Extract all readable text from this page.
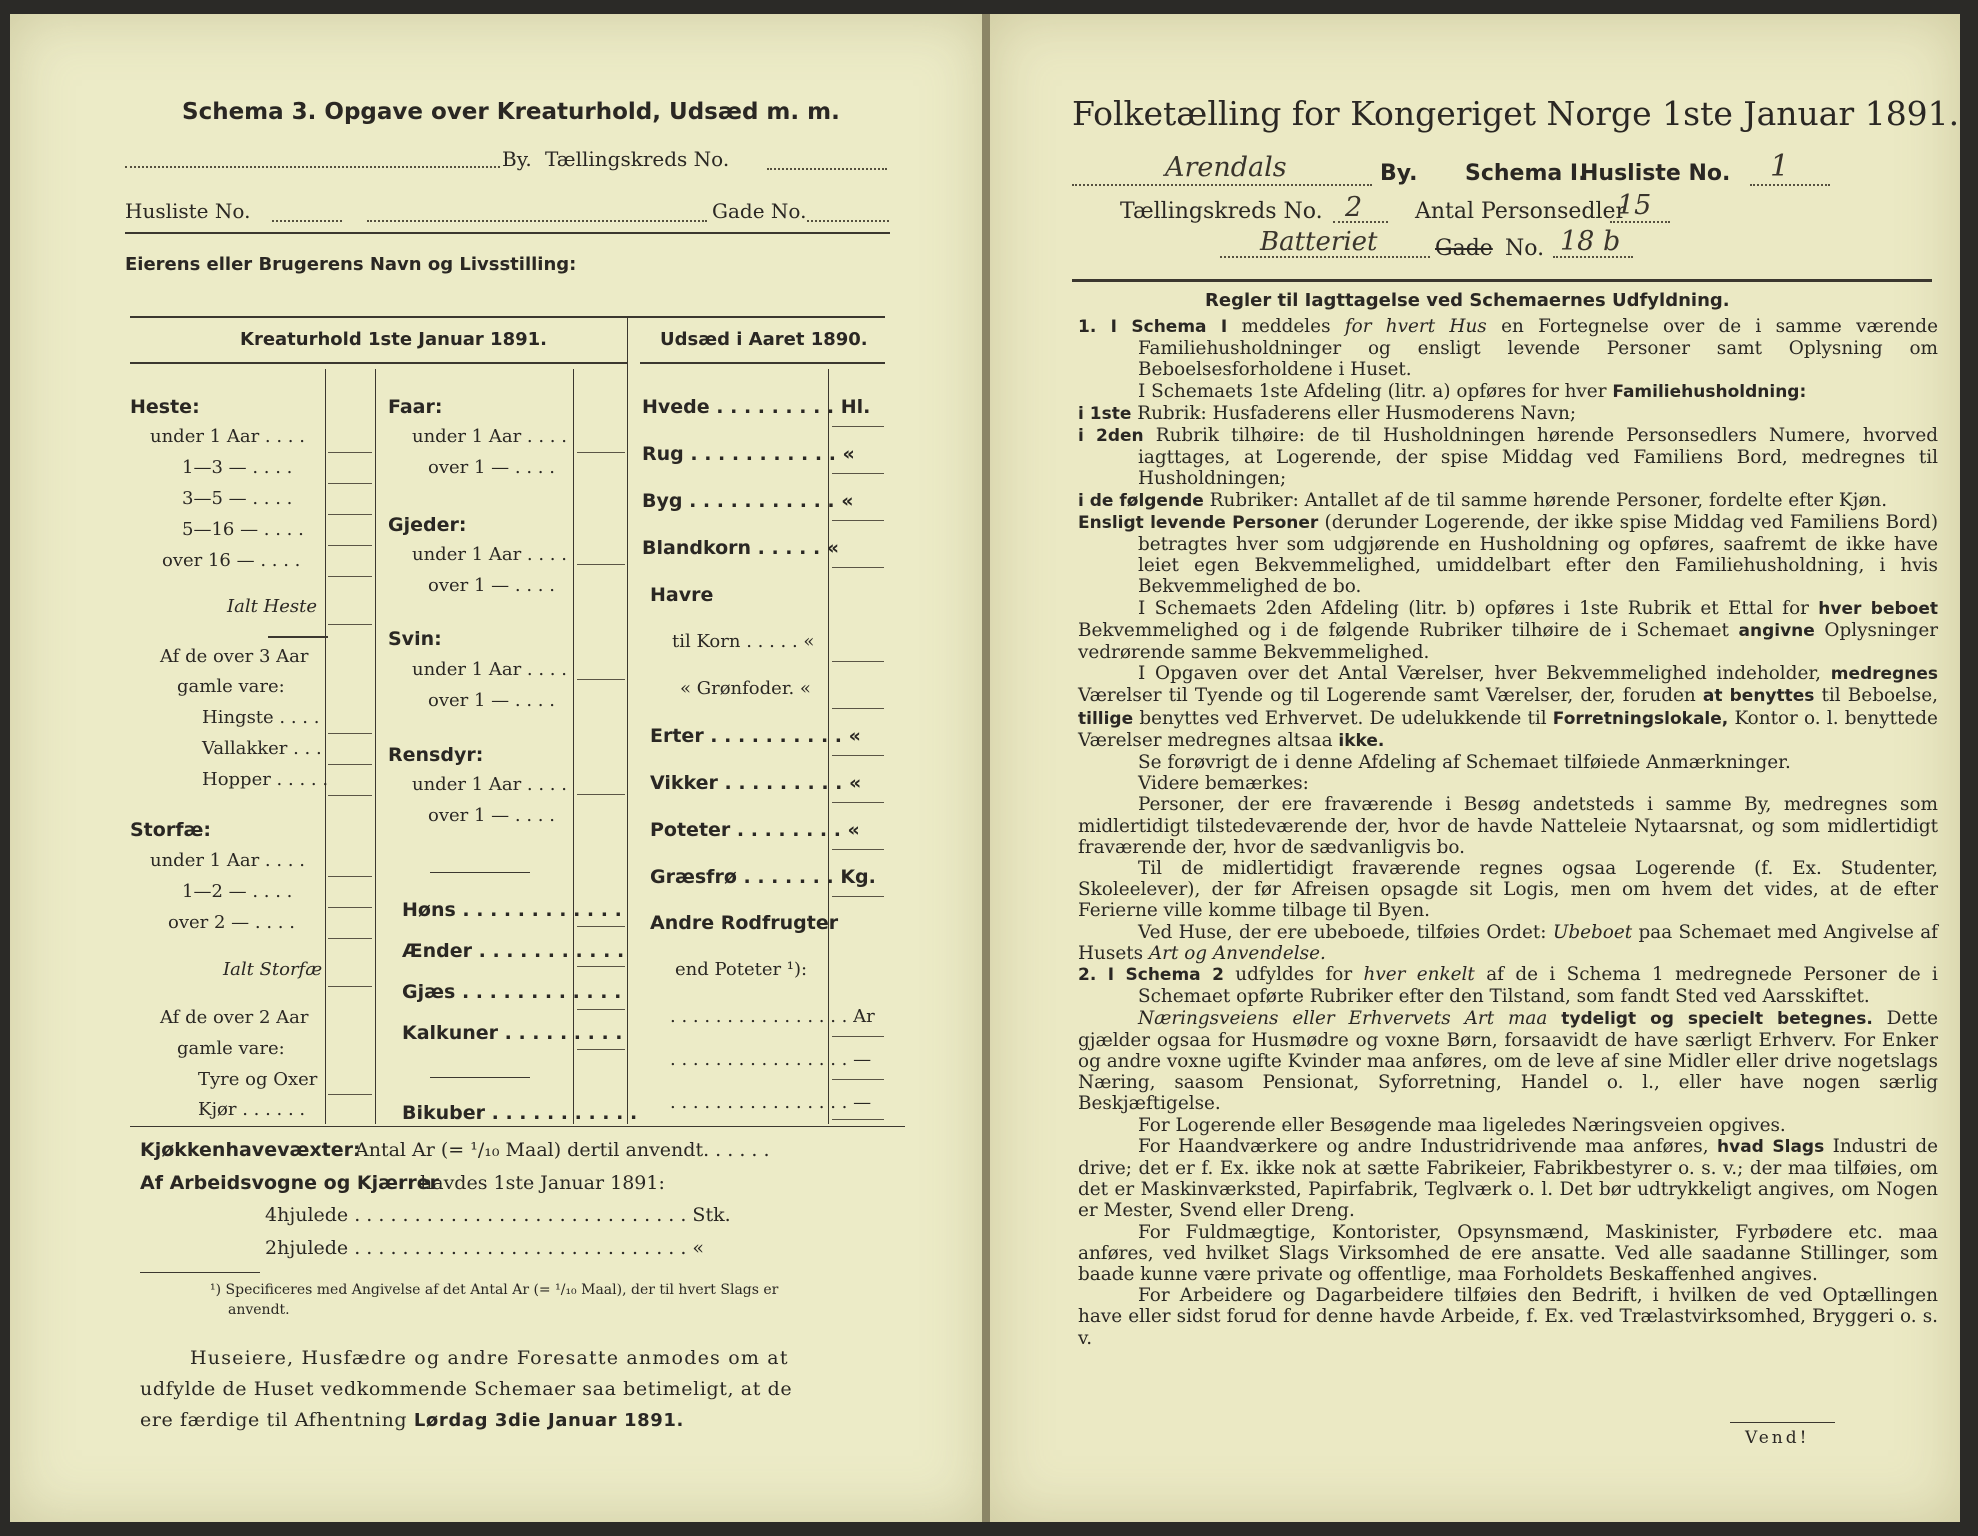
Schema 3. Opgave over Kreaturhold, Udsæd m. m.
By. Tællingskreds No.
Husliste No.	Gade No.
Eierens eller Brugerens Navn og Livsstilling:
Kreaturhold 1ste Januar 1891.	Udsæd i Aaret 1890.
Heste:
under 1 Aar . . . .
1—3 — . . . .
3—5 — . . . .
5—16 — . . . .
over 16 — . . . .
Ialt Heste
Af de over 3 Aar
gamle vare:
Hingste . . . .
Vallakker . . .
Hopper . . . . .
Storfæ:
under 1 Aar . . . .
1—2 — . . . .
over 2 — . . . .
Ialt Storfæ
Af de over 2 Aar
gamle vare:
Tyre og Oxer
Kjør . . . . . .
Faar:
under 1 Aar . . . .
over 1 — . . . .
Gjeder:
under 1 Aar . . . .
over 1 — . . . .
Svin:
under 1 Aar . . . .
over 1 — . . . .
Rensdyr:
under 1 Aar . . . .
over 1 — . . . .
Høns . . . . . . . . . . . .
Ænder . . . . . . . . . . .
Gjæs . . . . . . . . . . . .
Kalkuner . . . . . . . . .
Bikuber . . . . . . . . . . .
Hvede . . . . . . . . . Hl.
Rug . . . . . . . . . . . «
Byg . . . . . . . . . . . «
Blandkorn . . . . . «
Havre
til Korn . . . . . «
« Grønfoder. «
Erter . . . . . . . . . . «
Vikker . . . . . . . . . «
Poteter . . . . . . . . «
Græsfrø . . . . . . . Kg.
Andre Rodfrugter
end Poteter ¹):
. . . . . . . . . . . . . . . . Ar
. . . . . . . . . . . . . . . . —
. . . . . . . . . . . . . . . . —
Kjøkkenhavevæxter:
Antal Ar (= ¹/₁₀ Maal) dertil anvendt. . . . . .
Af Arbeidsvogne og Kjærrer
havdes 1ste Januar 1891:
4hjulede . . . . . . . . . . . . . . . . . . . . . . . . . . . . Stk.
2hjulede . . . . . . . . . . . . . . . . . . . . . . . . . . . . «
¹) Specificeres med Angivelse af det Antal Ar (= ¹/₁₀ Maal), der til hvert Slags er
anvendt.
Huseiere, Husfædre og andre Foresatte anmodes om at
udfylde de Huset vedkommende Schemaer saa betimeligt, at de
ere færdige til Afhentning Lørdag 3die Januar 1891.
Folketælling for Kongeriget Norge 1ste Januar 1891.
Arendals	By. Schema I.
Husliste No. 1
Tællingskreds No. 2 Antal Personsedler
15
Batteriet	Gade No. 18 b
Regler til Iagttagelse ved Schemaernes Udfyldning.

1. I Schema I meddeles for hvert Hus en Fortegnelse over de i samme værende Familiehusholdninger og ensligt levende Personer samt Oplysning om Beboelsesforholdene i Huset.

I Schemaets 1ste Afdeling (litr. a) opføres for hver Familiehusholdning:

i 1ste Rubrik: Husfaderens eller Husmoderens Navn;

i 2den Rubrik tilhøire: de til Husholdningen hørende Personsedlers Numere, hvorved iagttages, at Logerende, der spise Middag ved Familiens Bord, medregnes til Husholdningen;

i de følgende Rubriker: Antallet af de til samme hørende Personer, fordelte efter Kjøn.

Ensligt levende Personer (derunder Logerende, der ikke spise Middag ved Familiens Bord) betragtes hver som udgjørende en Husholdning og opføres, saafremt de ikke have leiet egen Bekvemmelighed, umiddelbart efter den Familiehusholdning, i hvis Bekvemmelighed de bo.

I Schemaets 2den Afdeling (litr. b) opføres i 1ste Rubrik et Ettal for hver beboet Bekvemmelighed og i de følgende Rubriker tilhøire de i Schemaet angivne Oplysninger vedrørende samme Bekvemmelighed.

I Opgaven over det Antal Værelser, hver Bekvemmelighed indeholder, medregnes Værelser til Tyende og til Logerende samt Værelser, der, foruden at benyttes til Beboelse, tillige benyttes ved Erhvervet. De udelukkende til Forretningslokale, Kontor o. l. benyttede Værelser medregnes altsaa ikke.

Se forøvrigt de i denne Afdeling af Schemaet tilføiede Anmærkninger.

Videre bemærkes:

Personer, der ere fraværende i Besøg andetsteds i samme By, medregnes som midlertidigt tilstedeværende der, hvor de havde Natteleie Nytaarsnat, og som midlertidigt fraværende der, hvor de sædvanligvis bo.

Til de midlertidigt fraværende regnes ogsaa Logerende (f. Ex. Studenter, Skoleelever), der før Afreisen opsagde sit Logis, men om hvem det vides, at de efter Ferierne ville komme tilbage til Byen.

Ved Huse, der ere ubeboede, tilføies Ordet: Ubeboet paa Schemaet med Angivelse af Husets Art og Anvendelse.

2. I Schema 2 udfyldes for hver enkelt af de i Schema 1 medregnede Personer de i Schemaet opførte Rubriker efter den Tilstand, som fandt Sted ved Aarsskiftet.

Næringsveiens eller Erhvervets Art maa tydeligt og specielt betegnes. Dette gjælder ogsaa for Husmødre og voxne Børn, forsaavidt de have særligt Erhverv. For Enker og andre voxne ugifte Kvinder maa anføres, om de leve af sine Midler eller drive nogetslags Næring, saasom Pensionat, Syforretning, Handel o. l., eller have nogen særlig Beskjæftigelse.

For Logerende eller Besøgende maa ligeledes Næringsveien opgives.

For Haandværkere og andre Industridrivende maa anføres, hvad Slags Industri de drive; det er f. Ex. ikke nok at sætte Fabrikeier, Fabrikbestyrer o. s. v.; der maa tilføies, om det er Maskinværksted, Papirfabrik, Teglværk o. l. Det bør udtrykkeligt angives, om Nogen er Mester, Svend eller Dreng.

For Fuldmægtige, Kontorister, Opsynsmænd, Maskinister, Fyrbødere etc. maa anføres, ved hvilket Slags Virksomhed de ere ansatte. Ved alle saadanne Stillinger, som baade kunne være private og offentlige, maa Forholdets Beskaffenhed angives.

For Arbeidere og Dagarbeidere tilføies den Bedrift, i hvilken de ved Optællingen have eller sidst forud for denne havde Arbeide, f. Ex. ved Trælastvirksomhed, Bryggeri o. s. v.

Vend!
